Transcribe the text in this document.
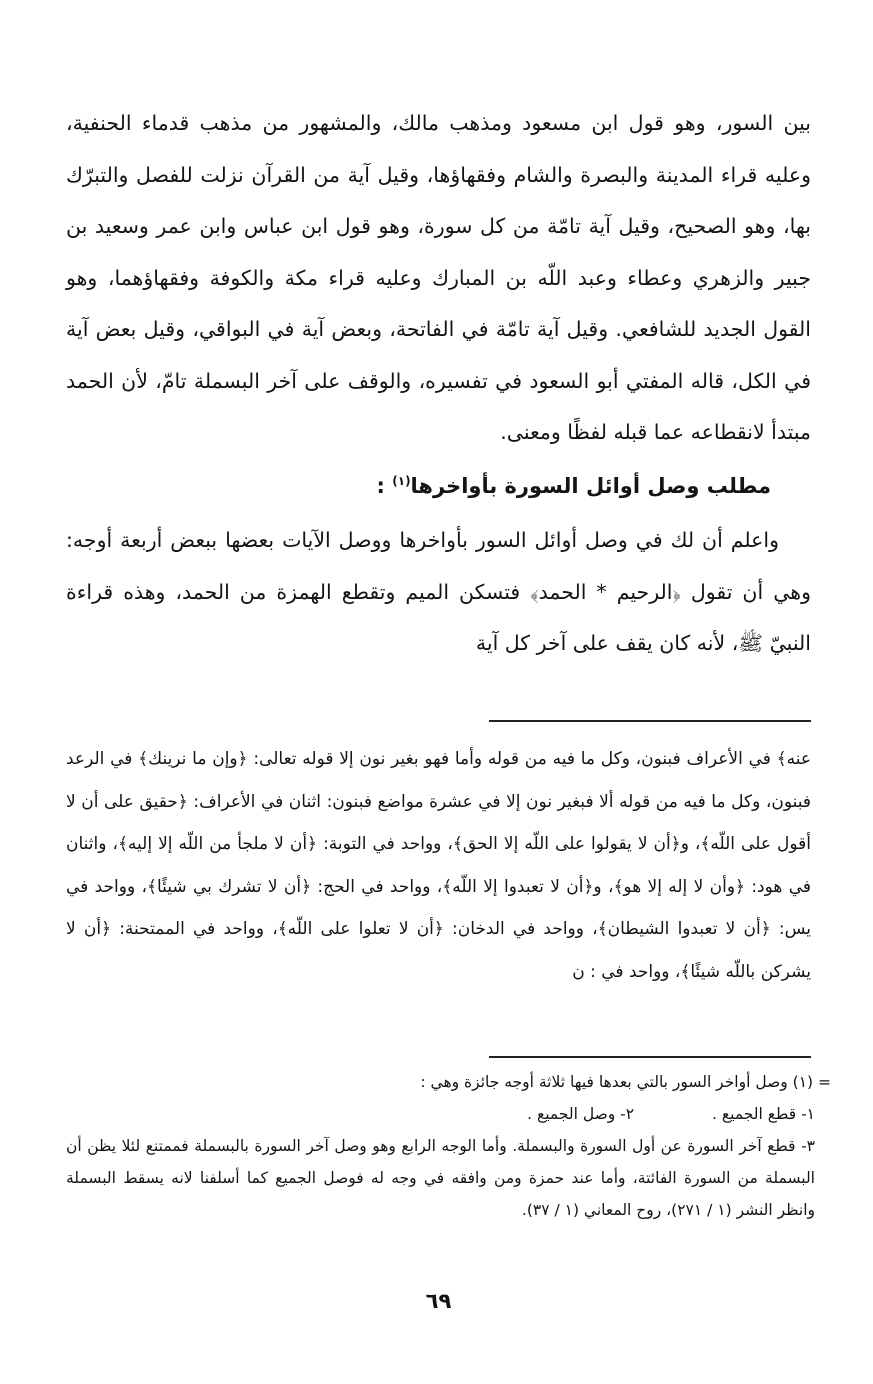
بين السور، وهو قول ابن مسعود ومذهب مالك، والمشهور من مذهب قدماء الحنفية، وعليه قراء المدينة والبصرة والشام وفقهاؤها، وقيل آية من القرآن نزلت للفصل والتبرّك بها، وهو الصحيح، وقيل آية تامّة من كل سورة، وهو قول ابن عباس وابن عمر وسعيد بن جبير والزهري وعطاء وعبد اللّه بن المبارك وعليه قراء مكة والكوفة وفقهاؤهما، وهو القول الجديد للشافعي. وقيل آية تامّة في الفاتحة، وبعض آية في البواقي، وقيل بعض آية في الكل، قاله المفتي أبو السعود في تفسيره، والوقف على آخر البسملة تامّ، لأن الحمد مبتدأ لانقطاعه عما قبله لفظًا ومعنى.

مطلب وصل أوائل السورة بأواخرها$^{(١)}$ :

واعلم أن لك في وصل أوائل السور بأواخرها ووصل الآيات بعضها ببعض أربعة أوجه: وهي أن تقول ﴿الرحيم * الحمد﴾ فتسكن الميم وتقطع الهمزة من الحمد، وهذه قراءة النبيّ ﷺ، لأنه كان يقف على آخر كل آية

عنه﴾ في الأعراف فبنون، وكل ما فيه من قوله وأما فهو بغير نون إلا قوله تعالى: ﴿وإن ما نرينك﴾ في الرعد فبنون، وكل ما فيه من قوله ألا فبغير نون إلا في عشرة مواضع فبنون: اثنان في الأعراف: ﴿حقيق على أن لا أقول على اللّه﴾، و﴿أن لا يقولوا على اللّه إلا الحق﴾، وواحد في التوبة: ﴿أن لا ملجأ من اللّه إلا إليه﴾، واثنان في هود: ﴿وأن لا إله إلا هو﴾، و﴿أن لا تعبدوا إلا اللّه﴾، وواحد في الحج: ﴿أن لا تشرك بي شيئًا﴾، وواحد في يس: ﴿أن لا تعبدوا الشيطان﴾، وواحد في الدخان: ﴿أن لا تعلوا على اللّه﴾، وواحد في الممتحنة: ﴿أن لا يشركن باللّه شيئًا﴾، وواحد في : ن

= (١) وصل أواخر السور بالتي بعدها فيها ثلاثة أوجه جائزة وهي :

١- قطع الجميع .٢- وصل الجميع .

٣- قطع آخر السورة عن أول السورة والبسملة. وأما الوجه الرابع وهو وصل آخر السورة بالبسملة فممتنع لئلا يظن أن البسملة من السورة الفائتة، وأما عند حمزة ومن وافقه في وجه له فوصل الجميع كما أسلفنا لانه يسقط البسملة وانظر النشر (١ / ٢٧١)، روح المعاني (١ / ٣٧).

٦٩
